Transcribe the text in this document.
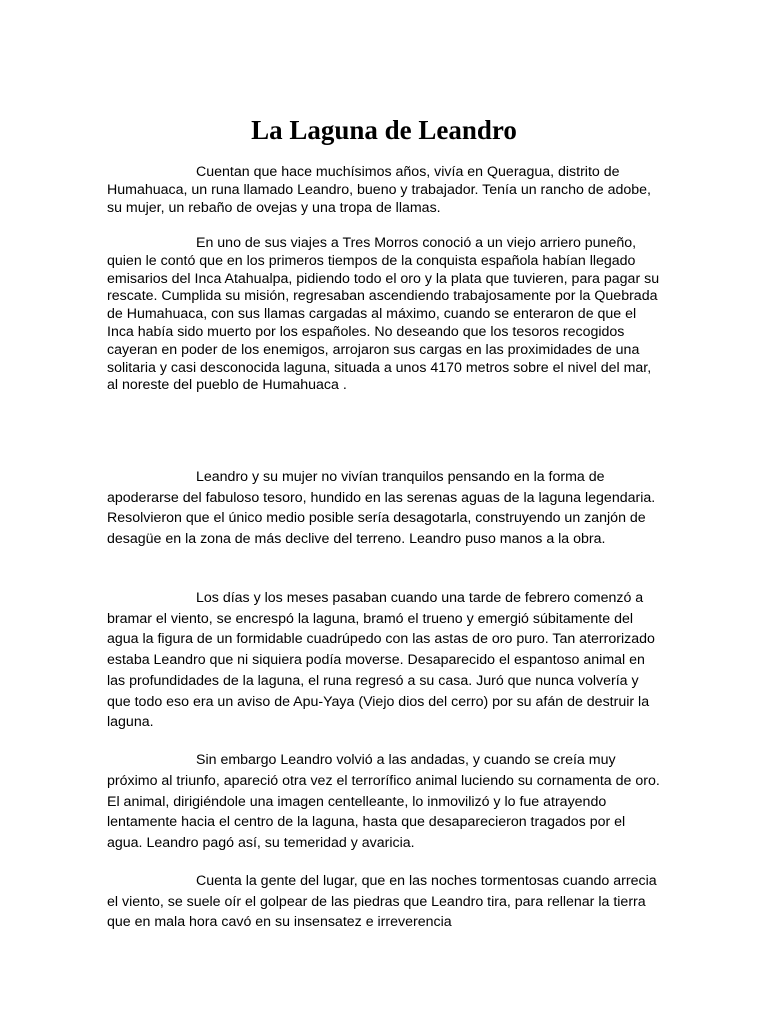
La Laguna de Leandro

Cuentan que hace muchísimos años, vivía en Queragua, distrito de Humahuaca, un runa llamado Leandro, bueno y trabajador. Tenía un rancho de adobe, su mujer, un rebaño de ovejas y una tropa de llamas.

En uno de sus viajes a Tres Morros conoció a un viejo arriero puneño, quien le contó que en los primeros tiempos de la conquista española habían llegado emisarios del Inca Atahualpa, pidiendo todo el oro y la plata que tuvieren, para pagar su rescate. Cumplida su misión, regresaban ascendiendo trabajosamente por la Quebrada de Humahuaca, con sus llamas cargadas al máximo, cuando se enteraron de que el Inca había sido muerto por los españoles. No deseando que los tesoros recogidos cayeran en poder de los enemigos, arrojaron sus cargas en las proximidades de una solitaria y casi desconocida laguna, situada a unos 4170 metros sobre el nivel del mar, al noreste del pueblo de Humahuaca .

Leandro y su mujer no vivían tranquilos pensando en la forma de apoderarse del fabuloso tesoro, hundido en las serenas aguas de la laguna legendaria. Resolvieron que el único medio posible sería desagotarla, construyendo un zanjón de desagüe en la zona de más declive del terreno. Leandro puso manos a la obra.

Los días y los meses pasaban cuando una tarde de febrero comenzó a bramar el viento, se encrespó la laguna, bramó el trueno y emergió súbitamente del agua la figura de un formidable cuadrúpedo con las astas de oro puro. Tan aterrorizado estaba Leandro que ni siquiera podía moverse. Desaparecido el espantoso animal en las profundidades de la laguna, el runa regresó a su casa. Juró que nunca volvería y que todo eso era un aviso de Apu-Yaya (Viejo dios del cerro) por su afán de destruir la laguna.

Sin embargo Leandro volvió a las andadas, y cuando se creía muy próximo al triunfo, apareció otra vez el terrorífico animal luciendo su cornamenta de oro. El animal, dirigiéndole una imagen centelleante, lo inmovilizó y lo fue atrayendo lentamente hacia el centro de la laguna, hasta que desaparecieron tragados por el agua. Leandro pagó así, su temeridad y avaricia.

Cuenta la gente del lugar, que en las noches tormentosas cuando arrecia el viento, se suele oír el golpear de las piedras que Leandro tira, para rellenar la tierra que en mala hora cavó en su insensatez e irreverencia
